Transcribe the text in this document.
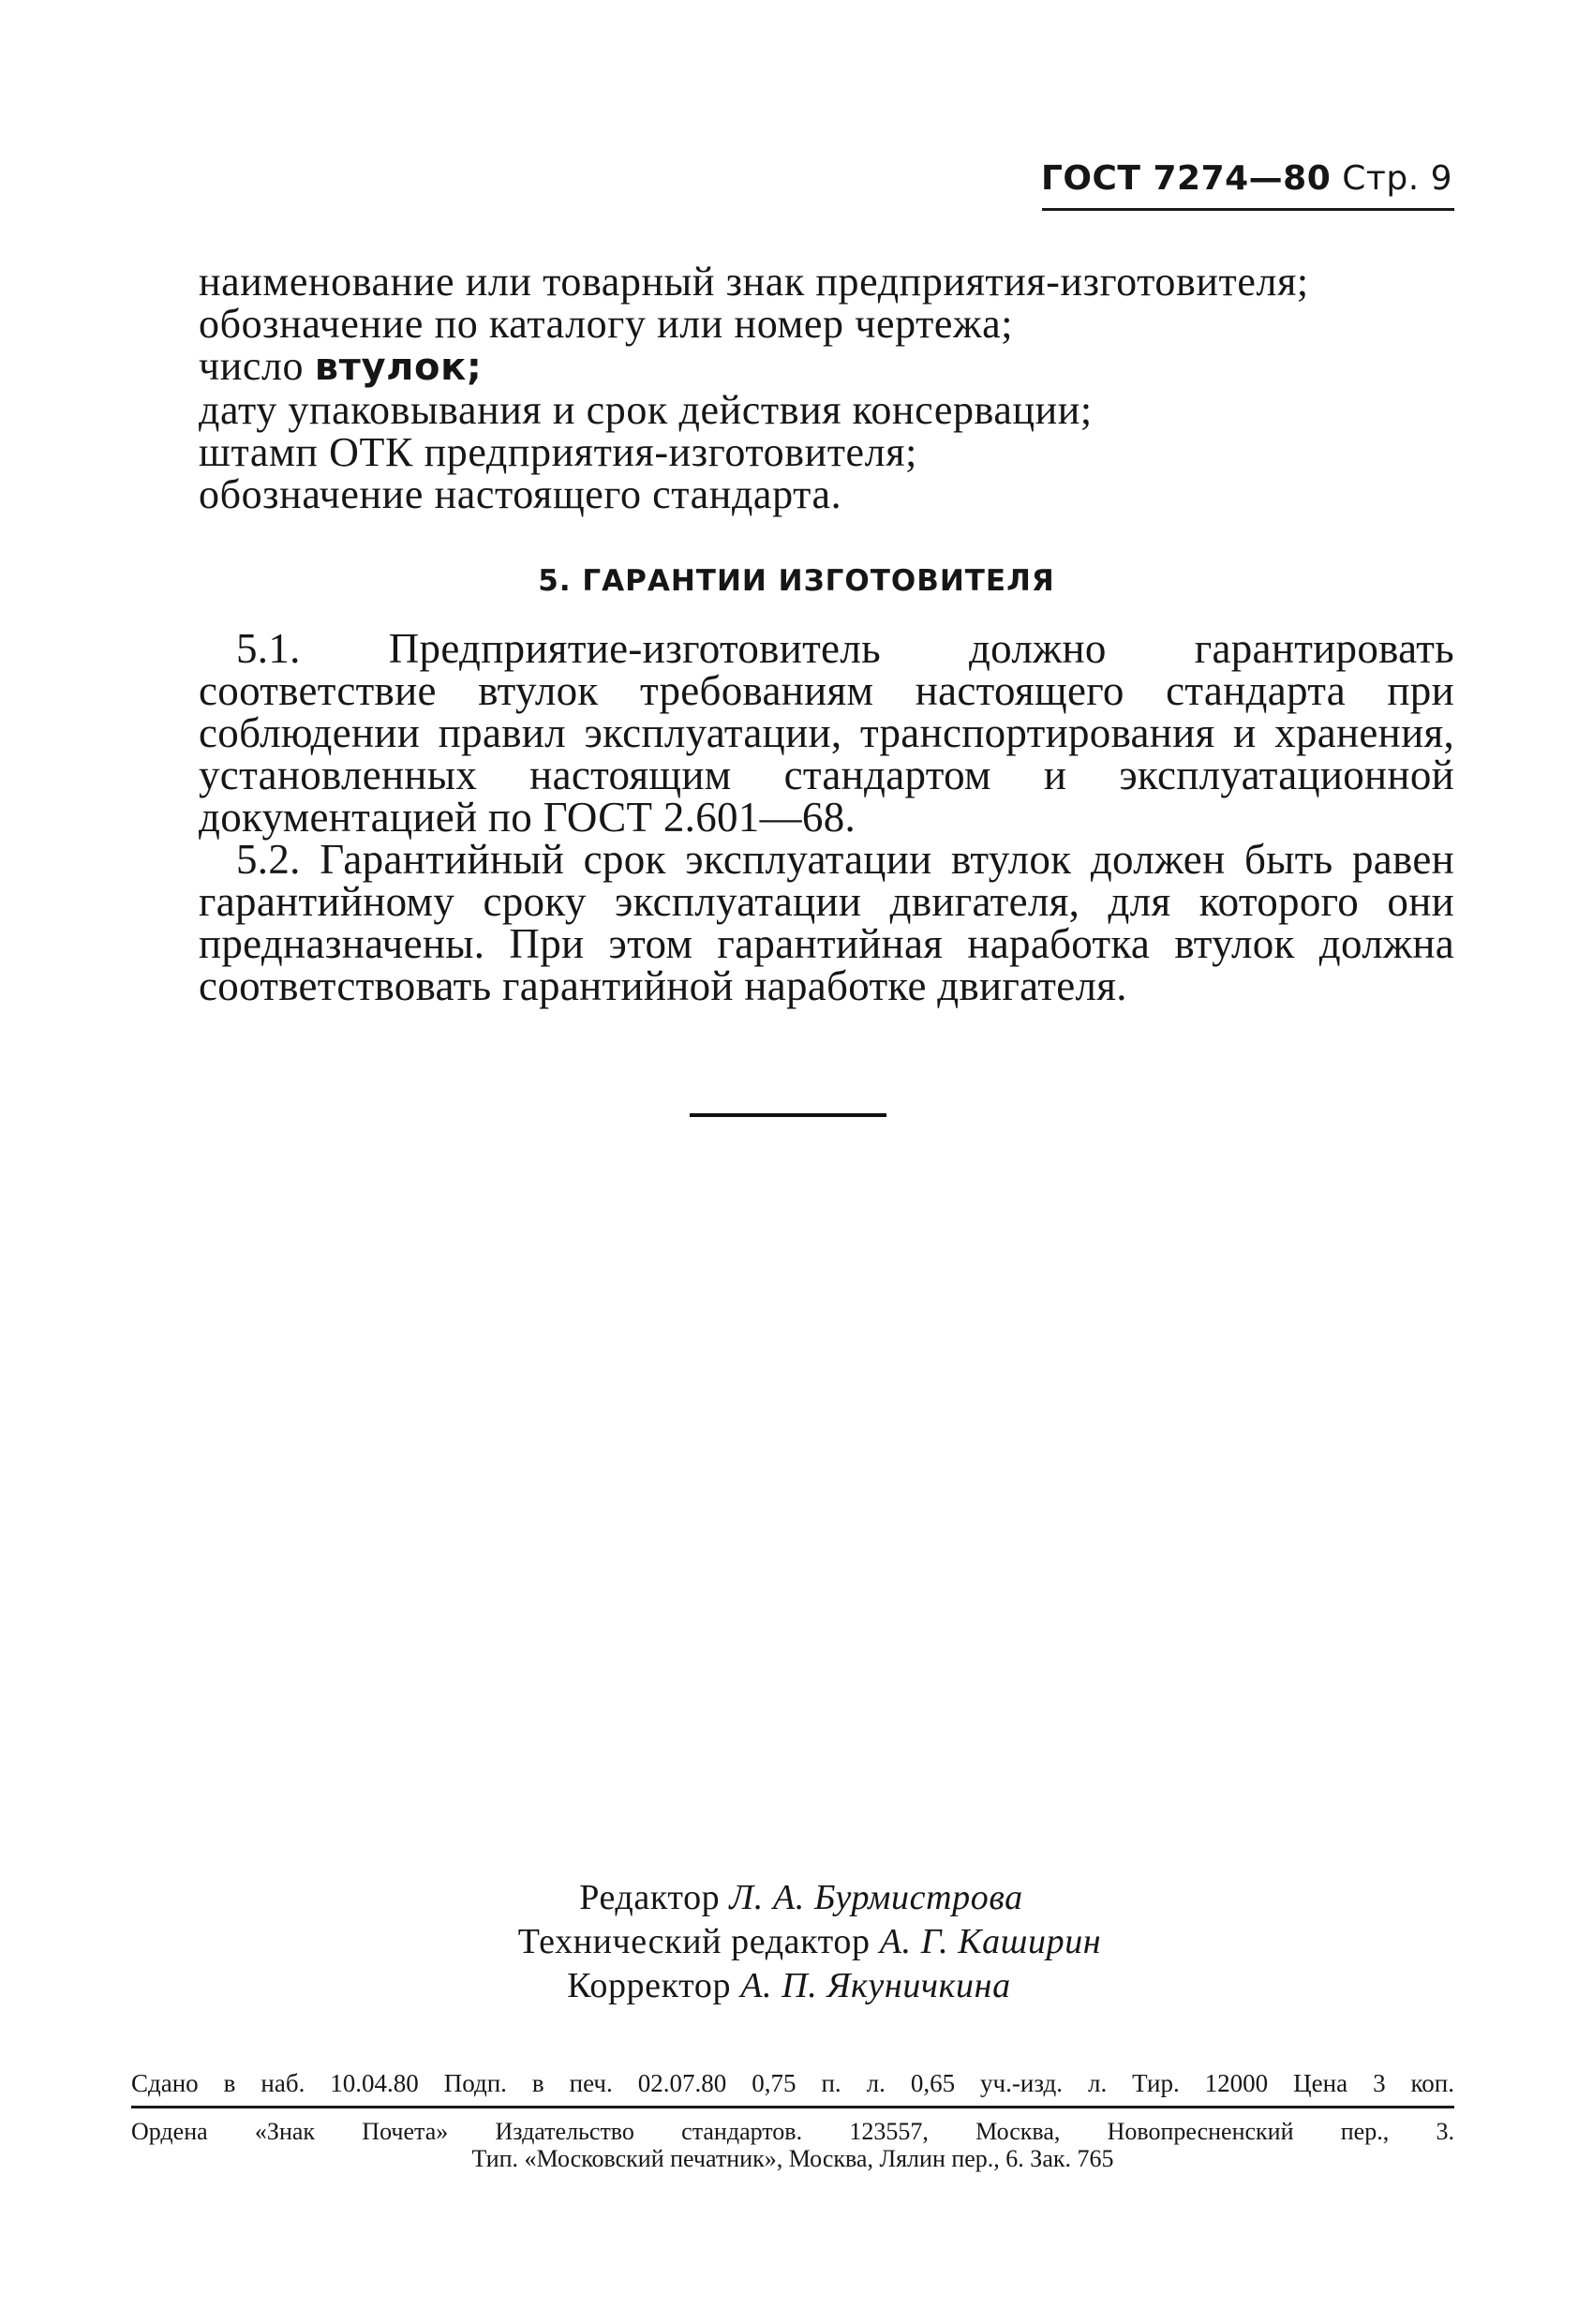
ГОСТ 7274—80 Стр. 9
наименование или товарный знак предприятия-изготовителя;
обозначение по каталогу или номер чертежа;
число втулок;
дату упаковывания и срок действия консервации;
штамп ОТК предприятия-изготовителя;
обозначение настоящего стандарта.
5. ГАРАНТИИ ИЗГОТОВИТЕЛЯ

5.1. Предприятие-изготовитель должно гарантировать соответствие втулок требованиям настоящего стандарта при соблюдении правил эксплуатации, транспортирования и хранения, установленных настоящим стандартом и эксплуатационной документацией по ГОСТ 2.601—68.

5.2. Гарантийный срок эксплуатации втулок должен быть равен гарантийному сроку эксплуатации двигателя, для которого они предназначены. При этом гарантийная наработка втулок должна соответствовать гарантийной наработке двигателя.

Редактор Л. А. Бурмистрова

Технический редактор А. Г. Каширин

Корректор А. П. Якуничкина

Сдано в наб. 10.04.80 Подп. в печ. 02.07.80 0,75 п. л. 0,65 уч.-изд. л. Тир. 12000 Цена 3 коп.

Ордена «Знак Почета» Издательство стандартов. 123557, Москва, Новопресненский пер., 3.

Тип. «Московский печатник», Москва, Лялин пер., 6. Зак. 765
